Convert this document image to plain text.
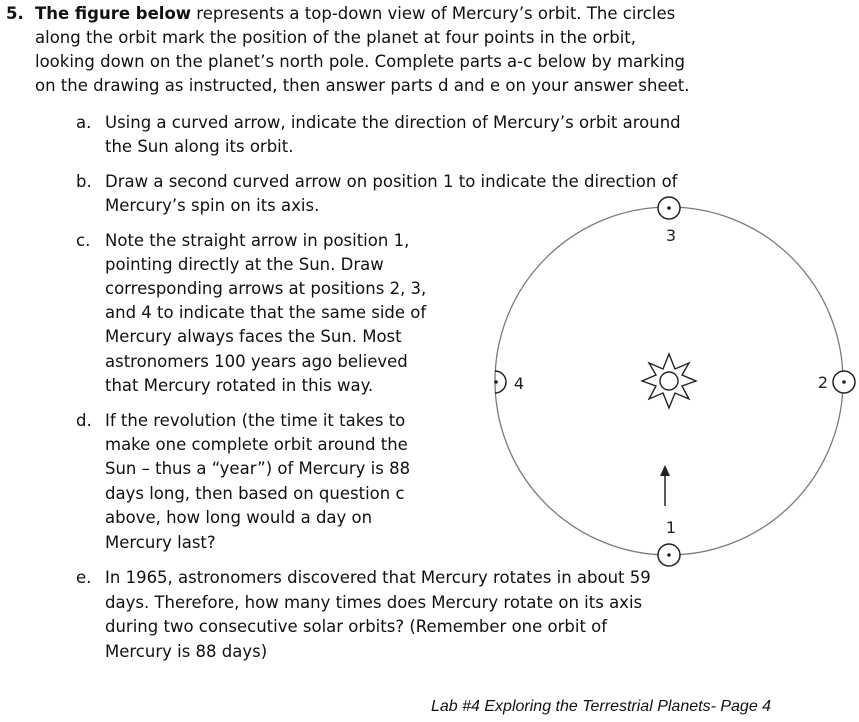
5. The figure below represents a top-down view of Mercury’s orbit. The circles
along the orbit mark the position of the planet at four points in the orbit,
looking down on the planet’s north pole. Complete parts a-c below by marking
on the drawing as instructed, then answer parts d and e on your answer sheet.
a. Using a curved arrow, indicate the direction of Mercury’s orbit around
the Sun along its orbit.
b. Draw a second curved arrow on position 1 to indicate the direction of
Mercury’s spin on its axis.
c. Note the straight arrow in position 1,
pointing directly at the Sun. Draw
corresponding arrows at positions 2, 3,
and 4 to indicate that the same side of
Mercury always faces the Sun. Most
astronomers 100 years ago believed
that Mercury rotated in this way.
d. If the revolution (the time it takes to
make one complete orbit around the
Sun – thus a “year”) of Mercury is 88
days long, then based on question c
above, how long would a day on
Mercury last?
e. In 1965, astronomers discovered that Mercury rotates in about 59
days. Therefore, how many times does Mercury rotate on its axis
during two consecutive solar orbits? (Remember one orbit of
Mercury is 88 days)
3
1
2
4
Lab #4 Exploring the Terrestrial Planets- Page 4
